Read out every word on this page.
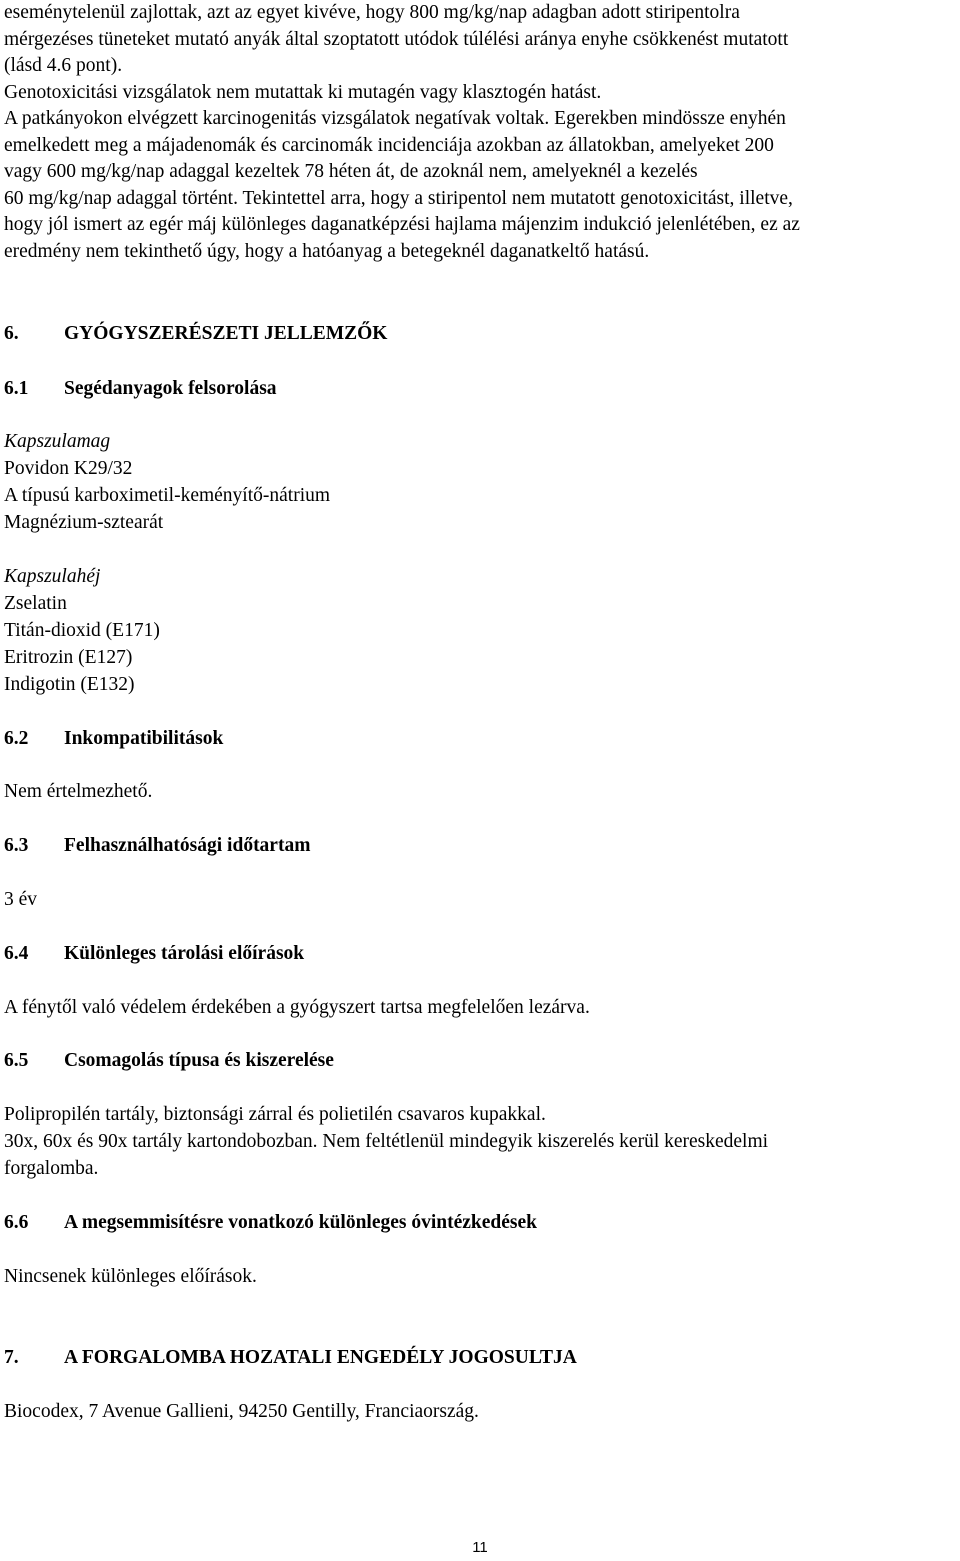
eseménytelenül zajlottak, azt az egyet kivéve, hogy 800 mg/kg/nap adagban adott stiripentolra
mérgezéses tüneteket mutató anyák által szoptatott utódok túlélési aránya enyhe csökkenést mutatott
(lásd 4.6 pont).
Genotoxicitási vizsgálatok nem mutattak ki mutagén vagy klasztogén hatást.
A patkányokon elvégzett karcinogenitás vizsgálatok negatívak voltak. Egerekben mindössze enyhén
emelkedett meg a májadenomák és carcinomák incidenciája azokban az állatokban, amelyeket 200
vagy 600 mg/kg/nap adaggal kezeltek 78 héten át, de azoknál nem, amelyeknél a kezelés
60 mg/kg/nap adaggal történt. Tekintettel arra, hogy a stiripentol nem mutatott genotoxicitást, illetve,
hogy jól ismert az egér máj különleges daganatképzési hajlama májenzim indukció jelenlétében, ez az
eredmény nem tekinthető úgy, hogy a hatóanyag a betegeknél daganatkeltő hatású.
6. GYÓGYSZERÉSZETI JELLEMZŐK
6.1 Segédanyagok felsorolása
Kapszulamag
Povidon K29/32
A típusú karboximetil-keményítő-nátrium
Magnézium-sztearát
Kapszulahéj
Zselatin
Titán-dioxid (E171)
Eritrozin (E127)
Indigotin (E132)
6.2 Inkompatibilitások
Nem értelmezhető.
6.3 Felhasználhatósági időtartam
3 év
6.4 Különleges tárolási előírások
A fénytől való védelem érdekében a gyógyszert tartsa megfelelően lezárva.
6.5 Csomagolás típusa és kiszerelése
Polipropilén tartály, biztonsági zárral és polietilén csavaros kupakkal.
30x, 60x és 90x tartály kartondobozban. Nem feltétlenül mindegyik kiszerelés kerül kereskedelmi
forgalomba.
6.6 A megsemmisítésre vonatkozó különleges óvintézkedések
Nincsenek különleges előírások.
7. A FORGALOMBA HOZATALI ENGEDÉLY JOGOSULTJA
Biocodex, 7 Avenue Gallieni, 94250 Gentilly, Franciaország.
11
